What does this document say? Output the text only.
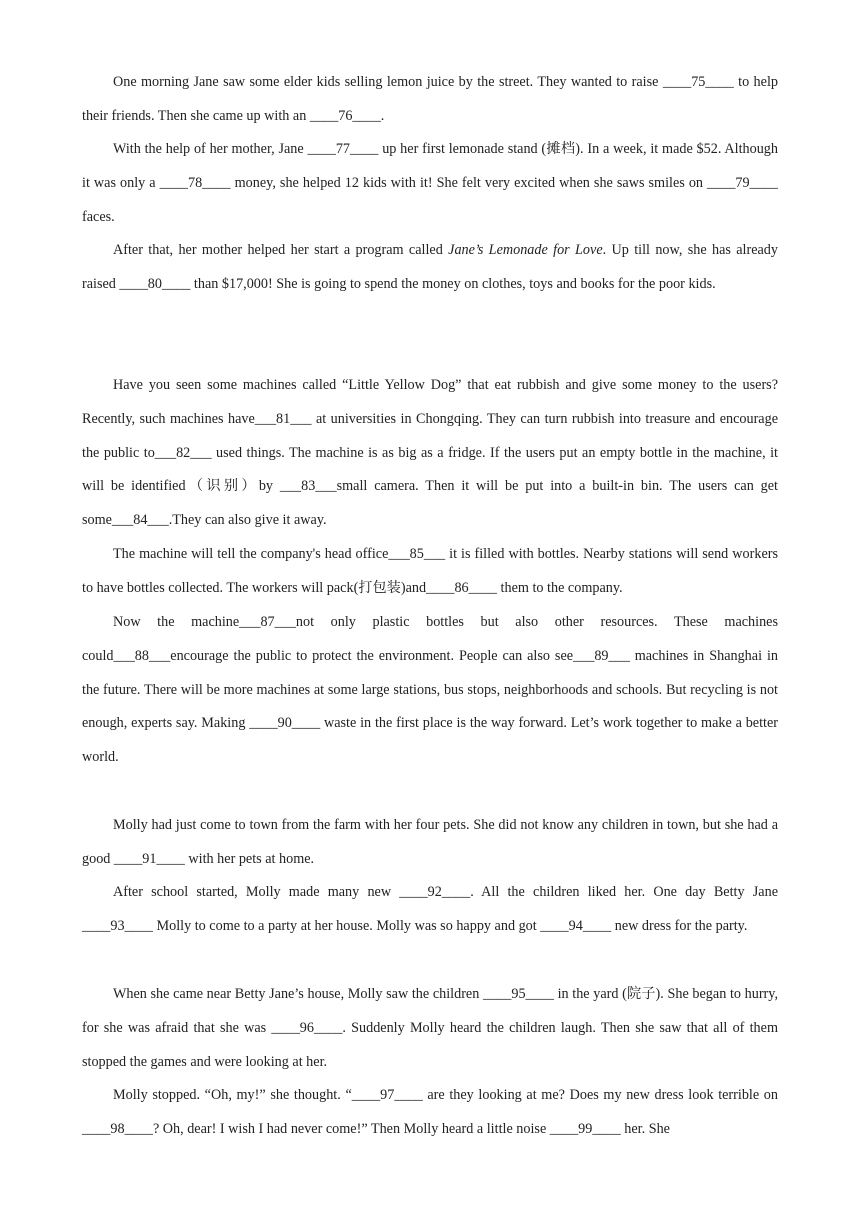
One morning Jane saw some elder kids selling lemon juice by the street. They wanted to raise ____75____ to help their friends. Then she came up with an ____76____.

With the help of her mother, Jane ____77____ up her first lemonade stand (摊档). In a week, it made $52. Although it was only a ____78____ money, she helped 12 kids with it! She felt very excited when she saws smiles on ____79____ faces.

After that, her mother helped her start a program called Jane’s Lemonade for Love. Up till now, she has already raised ____80____ than $17,000! She is going to spend the money on clothes, toys and books for the poor kids.

Have you seen some machines called “Little Yellow Dog” that eat rubbish and give some money to the users? Recently, such machines have___81___ at universities in Chongqing. They can turn rubbish into treasure and encourage the public to___82___ used things. The machine is as big as a fridge. If the users put an empty bottle in the machine, it will be identified（识别）by ___83___small camera. Then it will be put into a built-in bin. The users can get some___84___.They can also give it away.

The machine will tell the company's head office___85___ it is filled with bottles. Nearby stations will send workers to have bottles collected. The workers will pack(打包装)and____86____ them to the company.

Now the machine___87___not only plastic bottles but also other resources. These machines could___88___encourage the public to protect the environment. People can also see___89___ machines in Shanghai in the future. There will be more machines at some large stations, bus stops, neighborhoods and schools. But recycling is not enough, experts say. Making ____90____ waste in the first place is the way forward. Let’s work together to make a better world.

Molly had just come to town from the farm with her four pets. She did not know any children in town, but she had a good ____91____ with her pets at home.

After school started, Molly made many new ____92____. All the children liked her. One day Betty Jane ____93____ Molly to come to a party at her house. Molly was so happy and got ____94____ new dress for the party.

When she came near Betty Jane’s house, Molly saw the children ____95____ in the yard (院子). She began to hurry, for she was afraid that she was ____96____. Suddenly Molly heard the children laugh. Then she saw that all of them stopped the games and were looking at her.

Molly stopped. “Oh, my!” she thought. “____97____ are they looking at me? Does my new dress look terrible on ____98____? Oh, dear! I wish I had never come!” Then Molly heard a little noise ____99____ her. She
